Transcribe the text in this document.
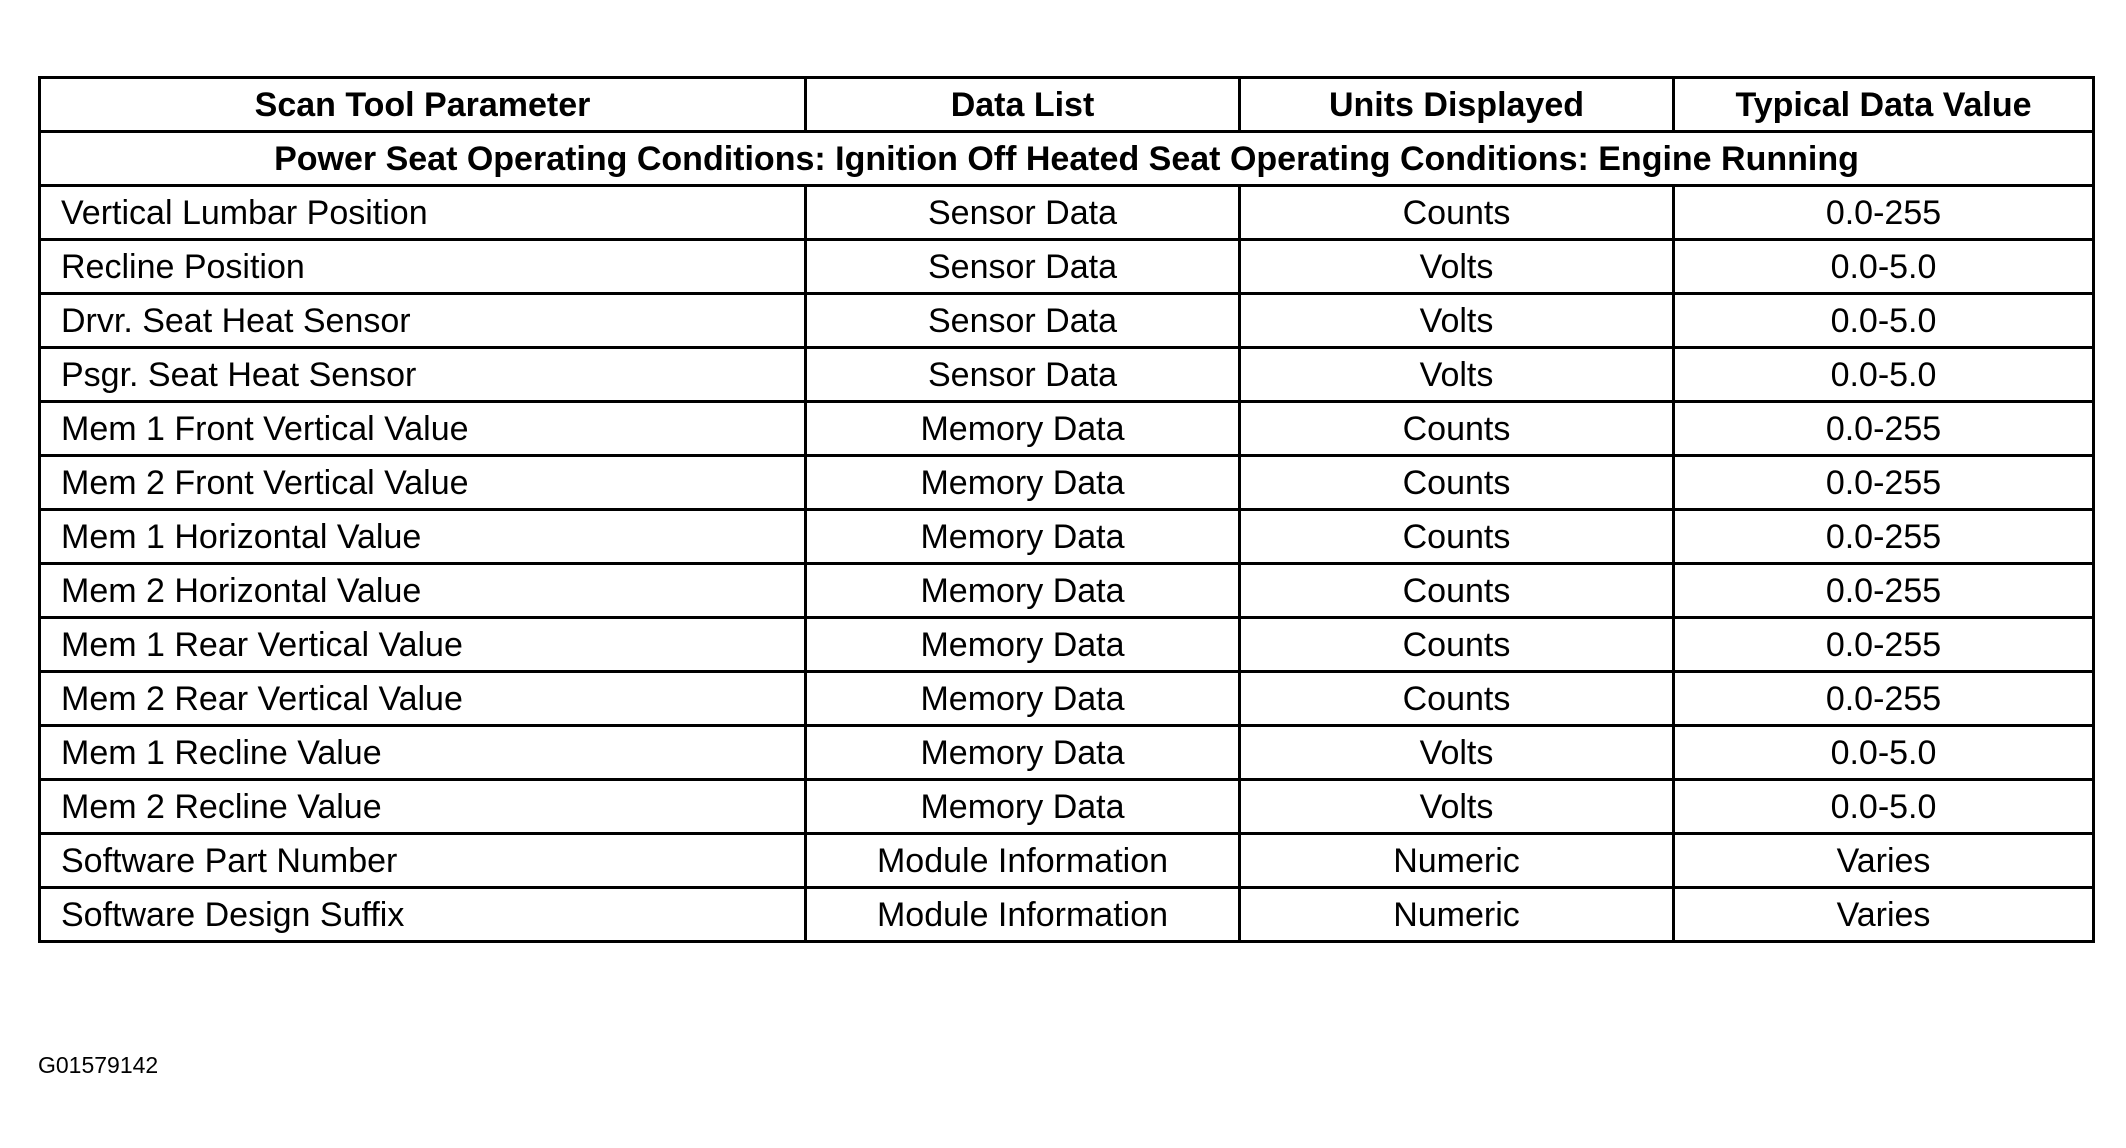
Scan Tool Parameter	Data List	Units Displayed	Typical Data Value
Power Seat Operating Conditions: Ignition Off Heated Seat Operating Conditions: Engine Running			
Vertical Lumbar Position	Sensor Data	Counts	0.0-255
Recline Position	Sensor Data	Volts	0.0-5.0
Drvr. Seat Heat Sensor	Sensor Data	Volts	0.0-5.0
Psgr. Seat Heat Sensor	Sensor Data	Volts	0.0-5.0
Mem 1 Front Vertical Value	Memory Data	Counts	0.0-255
Mem 2 Front Vertical Value	Memory Data	Counts	0.0-255
Mem 1 Horizontal Value	Memory Data	Counts	0.0-255
Mem 2 Horizontal Value	Memory Data	Counts	0.0-255
Mem 1 Rear Vertical Value	Memory Data	Counts	0.0-255
Mem 2 Rear Vertical Value	Memory Data	Counts	0.0-255
Mem 1 Recline Value	Memory Data	Volts	0.0-5.0
Mem 2 Recline Value	Memory Data	Volts	0.0-5.0
Software Part Number	Module Information	Numeric	Varies
Software Design Suffix	Module Information	Numeric	Varies
G01579142
